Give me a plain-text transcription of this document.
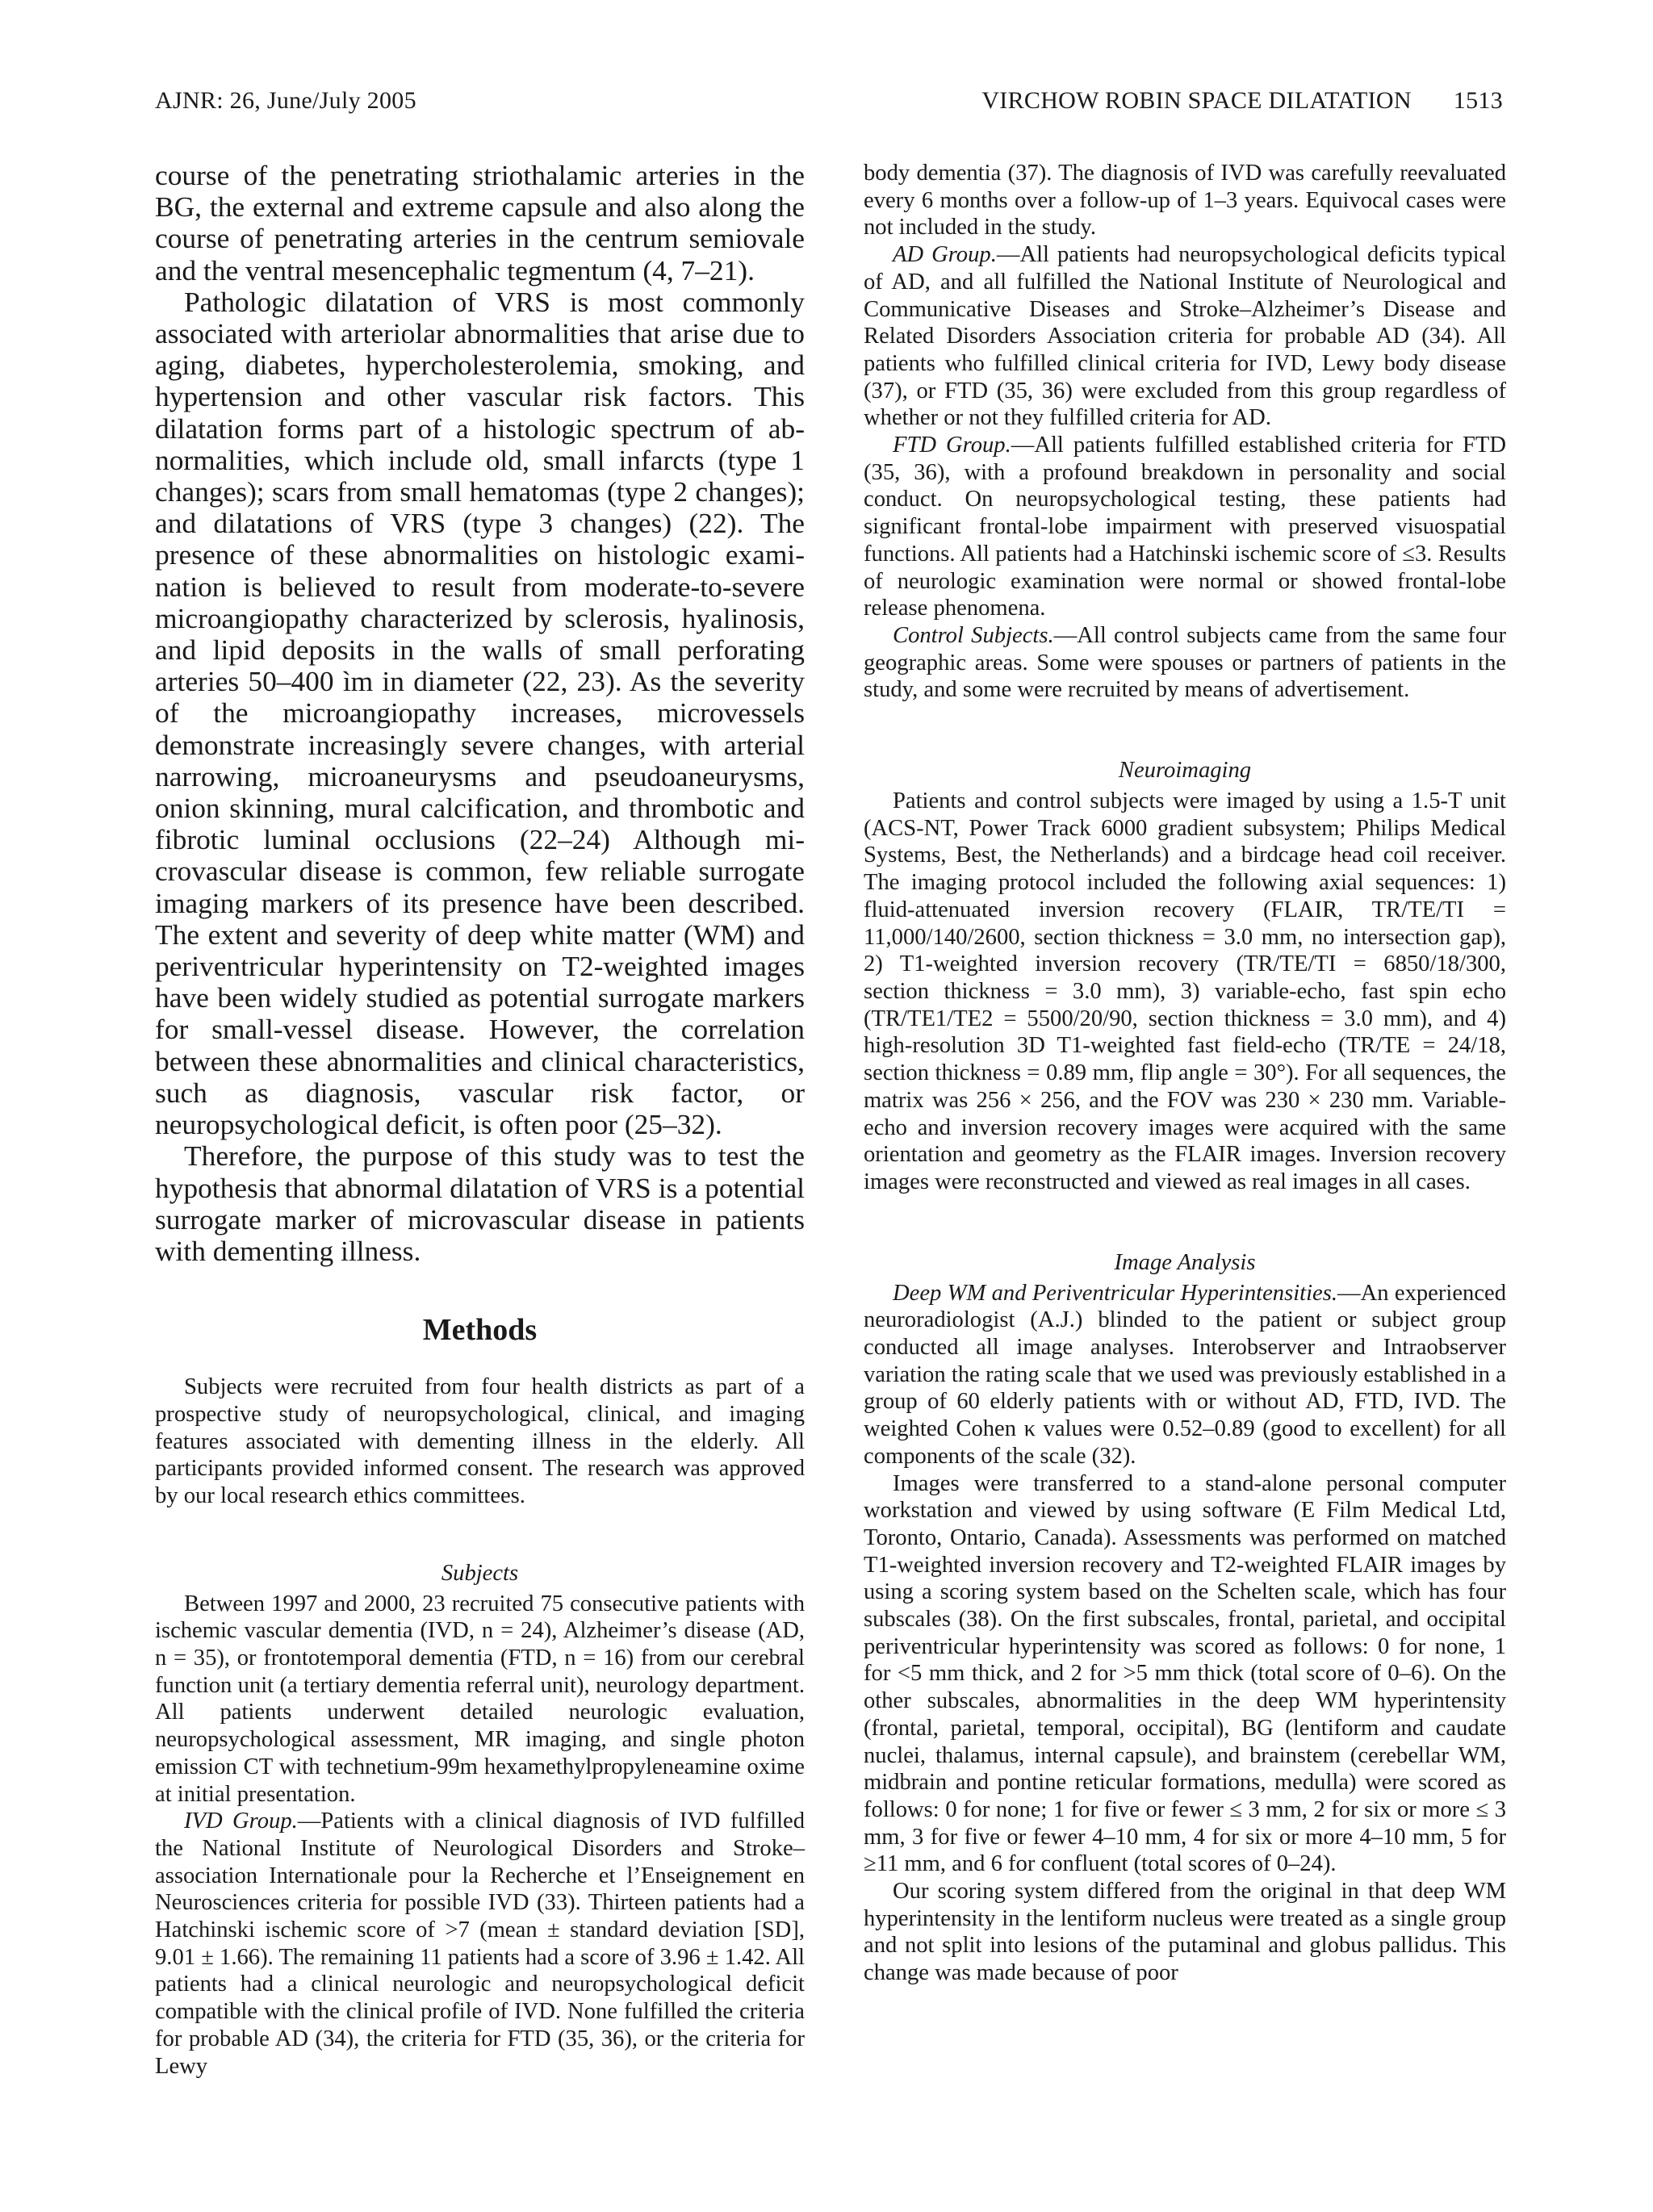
AJNR: 26, June/July 2005	VIRCHOW ROBIN SPACE DILATATION 1513

course of the penetrating striothalamic arteries in the BG, the external and extreme capsule and also along the course of penetrating arteries in the centrum semiovale and the ventral mesencephalic tegmentum (4, 7–21).

Pathologic dilatation of VRS is most commonly associated with arteriolar abnormalities that arise due to aging, diabetes, hypercholesterolemia, smoking, and hypertension and other vascular risk factors. This dilatation forms part of a histologic spectrum of abnormalities, which include old, small infarcts (type 1 changes); scars from small hematomas (type 2 changes); and dilatations of VRS (type 3 changes) (22). The presence of these abnormalities on histologic examination is believed to result from moderate-to-severe microangiopathy characterized by sclerosis, hyalinosis, and lipid deposits in the walls of small perforating arteries 50–400 ìm in diameter (22, 23). As the severity of the microangiopathy increases, microvessels demonstrate increasingly severe changes, with arterial narrowing, microaneurysms and pseudoaneurysms, onion skinning, mural calcification, and thrombotic and fibrotic luminal occlusions (22–24) Although microvascular disease is common, few reliable surrogate imaging markers of its presence have been described. The extent and severity of deep white matter (WM) and periventricular hyperintensity on T2-weighted images have been widely studied as potential surrogate markers for small-vessel disease. However, the correlation between these abnormalities and clinical characteristics, such as diagnosis, vascular risk factor, or neuropsychological deficit, is often poor (25–32).

Therefore, the purpose of this study was to test the hypothesis that abnormal dilatation of VRS is a potential surrogate marker of microvascular disease in patients with dementing illness.

Methods

Subjects were recruited from four health districts as part of a prospective study of neuropsychological, clinical, and imaging features associated with dementing illness in the elderly. All participants provided informed consent. The research was approved by our local research ethics committees.

Subjects

Between 1997 and 2000, 23 recruited 75 consecutive patients with ischemic vascular dementia (IVD, n = 24), Alzheimer’s disease (AD, n = 35), or frontotemporal dementia (FTD, n = 16) from our cerebral function unit (a tertiary dementia referral unit), neurology department. All patients underwent detailed neurologic evaluation, neuropsychological assessment, MR imaging, and single photon emission CT with technetium-99m hexamethylpropyleneamine oxime at initial presentation.

IVD Group.—Patients with a clinical diagnosis of IVD fulfilled the National Institute of Neurological Disorders and Stroke–association Internationale pour la Recherche et l’Enseignement en Neurosciences criteria for possible IVD (33). Thirteen patients had a Hatchinski ischemic score of >7 (mean ± standard deviation [SD], 9.01 ± 1.66). The remaining 11 patients had a score of 3.96 ± 1.42. All patients had a clinical neurologic and neuropsychological deficit compatible with the clinical profile of IVD. None fulfilled the criteria for probable AD (34), the criteria for FTD (35, 36), or the criteria for Lewy

body dementia (37). The diagnosis of IVD was carefully reevaluated every 6 months over a follow-up of 1–3 years. Equivocal cases were not included in the study.

AD Group.—All patients had neuropsychological deficits typical of AD, and all fulfilled the National Institute of Neurological and Communicative Diseases and Stroke–Alzheimer’s Disease and Related Disorders Association criteria for probable AD (34). All patients who fulfilled clinical criteria for IVD, Lewy body disease (37), or FTD (35, 36) were excluded from this group regardless of whether or not they fulfilled criteria for AD.

FTD Group.—All patients fulfilled established criteria for FTD (35, 36), with a profound breakdown in personality and social conduct. On neuropsychological testing, these patients had significant frontal-lobe impairment with preserved visuospatial functions. All patients had a Hatchinski ischemic score of ≤3. Results of neurologic examination were normal or showed frontal-lobe release phenomena.

Control Subjects.—All control subjects came from the same four geographic areas. Some were spouses or partners of patients in the study, and some were recruited by means of advertisement.

Neuroimaging

Patients and control subjects were imaged by using a 1.5-T unit (ACS-NT, Power Track 6000 gradient subsystem; Philips Medical Systems, Best, the Netherlands) and a birdcage head coil receiver. The imaging protocol included the following axial sequences: 1) fluid-attenuated inversion recovery (FLAIR, TR/TE/TI = 11,000/140/2600, section thickness = 3.0 mm, no intersection gap), 2) T1-weighted inversion recovery (TR/TE/TI = 6850/18/300, section thickness = 3.0 mm), 3) variable-echo, fast spin echo (TR/TE1/TE2 = 5500/20/90, section thickness = 3.0 mm), and 4) high-resolution 3D T1-weighted fast field-echo (TR/TE = 24/18, section thickness = 0.89 mm, flip angle = 30°). For all sequences, the matrix was 256 × 256, and the FOV was 230 × 230 mm. Variable-echo and inversion recovery images were acquired with the same orientation and geometry as the FLAIR images. Inversion recovery images were reconstructed and viewed as real images in all cases.

Image Analysis

Deep WM and Periventricular Hyperintensities.—An experienced neuroradiologist (A.J.) blinded to the patient or subject group conducted all image analyses. Interobserver and Intraobserver variation the rating scale that we used was previously established in a group of 60 elderly patients with or without AD, FTD, IVD. The weighted Cohen κ values were 0.52–0.89 (good to excellent) for all components of the scale (32).

Images were transferred to a stand-alone personal computer workstation and viewed by using software (E Film Medical Ltd, Toronto, Ontario, Canada). Assessments was performed on matched T1-weighted inversion recovery and T2-weighted FLAIR images by using a scoring system based on the Schelten scale, which has four subscales (38). On the first subscales, frontal, parietal, and occipital periventricular hyperintensity was scored as follows: 0 for none, 1 for <5 mm thick, and 2 for >5 mm thick (total score of 0–6). On the other subscales, abnormalities in the deep WM hyperintensity (frontal, parietal, temporal, occipital), BG (lentiform and caudate nuclei, thalamus, internal capsule), and brainstem (cerebellar WM, midbrain and pontine reticular formations, medulla) were scored as follows: 0 for none; 1 for five or fewer ≤ 3 mm, 2 for six or more ≤ 3 mm, 3 for five or fewer 4–10 mm, 4 for six or more 4–10 mm, 5 for ≥11 mm, and 6 for confluent (total scores of 0–24).

Our scoring system differed from the original in that deep WM hyperintensity in the lentiform nucleus were treated as a single group and not split into lesions of the putaminal and globus pallidus. This change was made because of poor
